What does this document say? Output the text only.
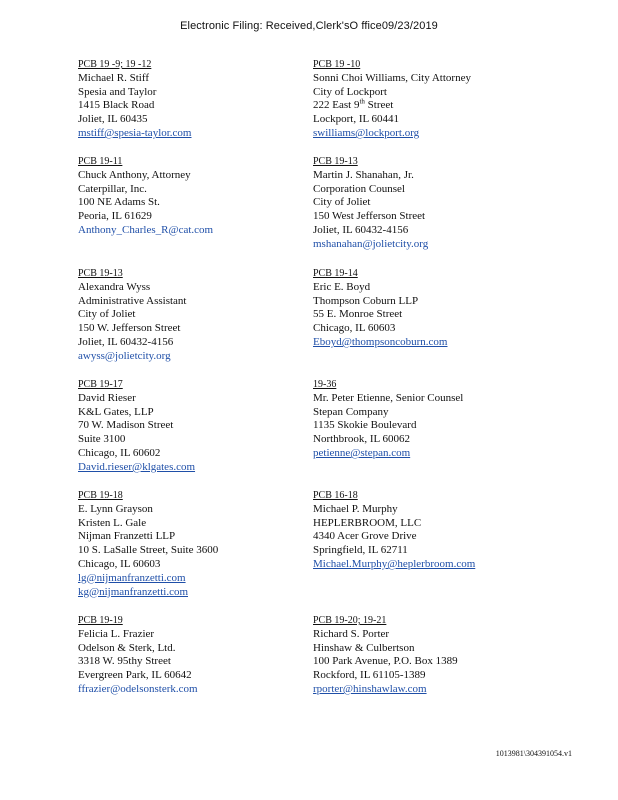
Electronic Filing: Received,Clerk'sO ffice09/23/2019
PCB 19 -9; 19 -12
Michael R. Stiff
Spesia and Taylor
1415 Black Road
Joliet, IL 60435
mstiff@spesia-taylor.com
PCB 19 -10
Sonni Choi Williams, City Attorney
City of Lockport
222 East 9th Street
Lockport, IL 60441
swilliams@lockport.org
PCB 19-11
Chuck Anthony, Attorney
Caterpillar, Inc.
100 NE Adams St.
Peoria, IL 61629
Anthony_Charles_R@cat.com
PCB 19-13
Martin J. Shanahan, Jr.
Corporation Counsel
City of Joliet
150 West Jefferson Street
Joliet, IL 60432-4156
mshanahan@jolietcity.org
PCB 19-13
Alexandra Wyss
Administrative Assistant
City of Joliet
150 W. Jefferson Street
Joliet, IL 60432-4156
awyss@jolietcity.org
PCB 19-14
Eric E. Boyd
Thompson Coburn LLP
55 E. Monroe Street
Chicago, IL 60603
Eboyd@thompsoncoburn.com
PCB 19-17
David Rieser
K&L Gates, LLP
70 W. Madison Street
Suite 3100
Chicago, IL 60602
David.rieser@klgates.com
19-36
Mr. Peter Etienne, Senior Counsel
Stepan Company
1135 Skokie Boulevard
Northbrook, IL 60062
petienne@stepan.com
PCB 19-18
E. Lynn Grayson
Kristen L. Gale
Nijman Franzetti LLP
10 S. LaSalle Street, Suite 3600
Chicago, IL 60603
lg@nijmanfranzetti.com
kg@nijmanfranzetti.com
PCB 16-18
Michael P. Murphy
HEPLERBROOM, LLC
4340 Acer Grove Drive
Springfield, IL 62711
Michael.Murphy@heplerbroom.com
PCB 19-19
Felicia L. Frazier
Odelson & Sterk, Ltd.
3318 W. 95thy Street
Evergreen Park, IL 60642
ffrazier@odelsonsterk.com
PCB 19-20; 19-21
Richard S. Porter
Hinshaw & Culbertson
100 Park Avenue, P.O. Box 1389
Rockford, IL 61105-1389
rporter@hinshawlaw.com
1013981\304391054.v1
